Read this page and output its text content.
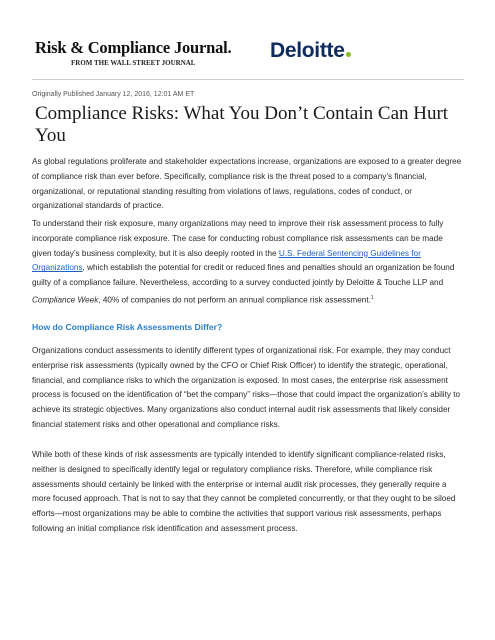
Risk & Compliance Journal.
FROM THE WALL STREET JOURNAL
Deloitte
Originally Published January 12, 2016, 12:01 AM ET
Compliance Risks: What You Don’t Contain Can Hurt You

As global regulations proliferate and stakeholder expectations increase, organizations are exposed to a greater degree of compliance risk than ever before. Specifically, compliance risk is the threat posed to a company’s financial, organizational, or reputational standing resulting from violations of laws, regulations, codes of conduct, or organizational standards of practice.

To understand their risk exposure, many organizations may need to improve their risk assessment process to fully incorporate compliance risk exposure. The case for conducting robust compliance risk assessments can be made given today’s business complexity, but it is also deeply rooted in the U.S. Federal Sentencing Guidelines for Organizations, which establish the potential for credit or reduced fines and penalties should an organization be found guilty of a compliance failure. Nevertheless, according to a survey conducted jointly by Deloitte & Touche LLP and Compliance Week, 40% of companies do not perform an annual compliance risk assessment.$^1$

How do Compliance Risk Assessments Differ?

Organizations conduct assessments to identify different types of organizational risk. For example, they may conduct enterprise risk assessments (typically owned by the CFO or Chief Risk Officer) to identify the strategic, operational, financial, and compliance risks to which the organization is exposed. In most cases, the enterprise risk assessment process is focused on the identification of “bet the company” risks—those that could impact the organization’s ability to achieve its strategic objectives. Many organizations also conduct internal audit risk assessments that likely consider financial statement risks and other operational and compliance risks.

While both of these kinds of risk assessments are typically intended to identify significant compliance-related risks, neither is designed to specifically identify legal or regulatory compliance risks. Therefore, while compliance risk assessments should certainly be linked with the enterprise or internal audit risk processes, they generally require a more focused approach. That is not to say that they cannot be completed concurrently, or that they ought to be siloed efforts—most organizations may be able to combine the activities that support various risk assessments, perhaps following an initial compliance risk identification and assessment process.
